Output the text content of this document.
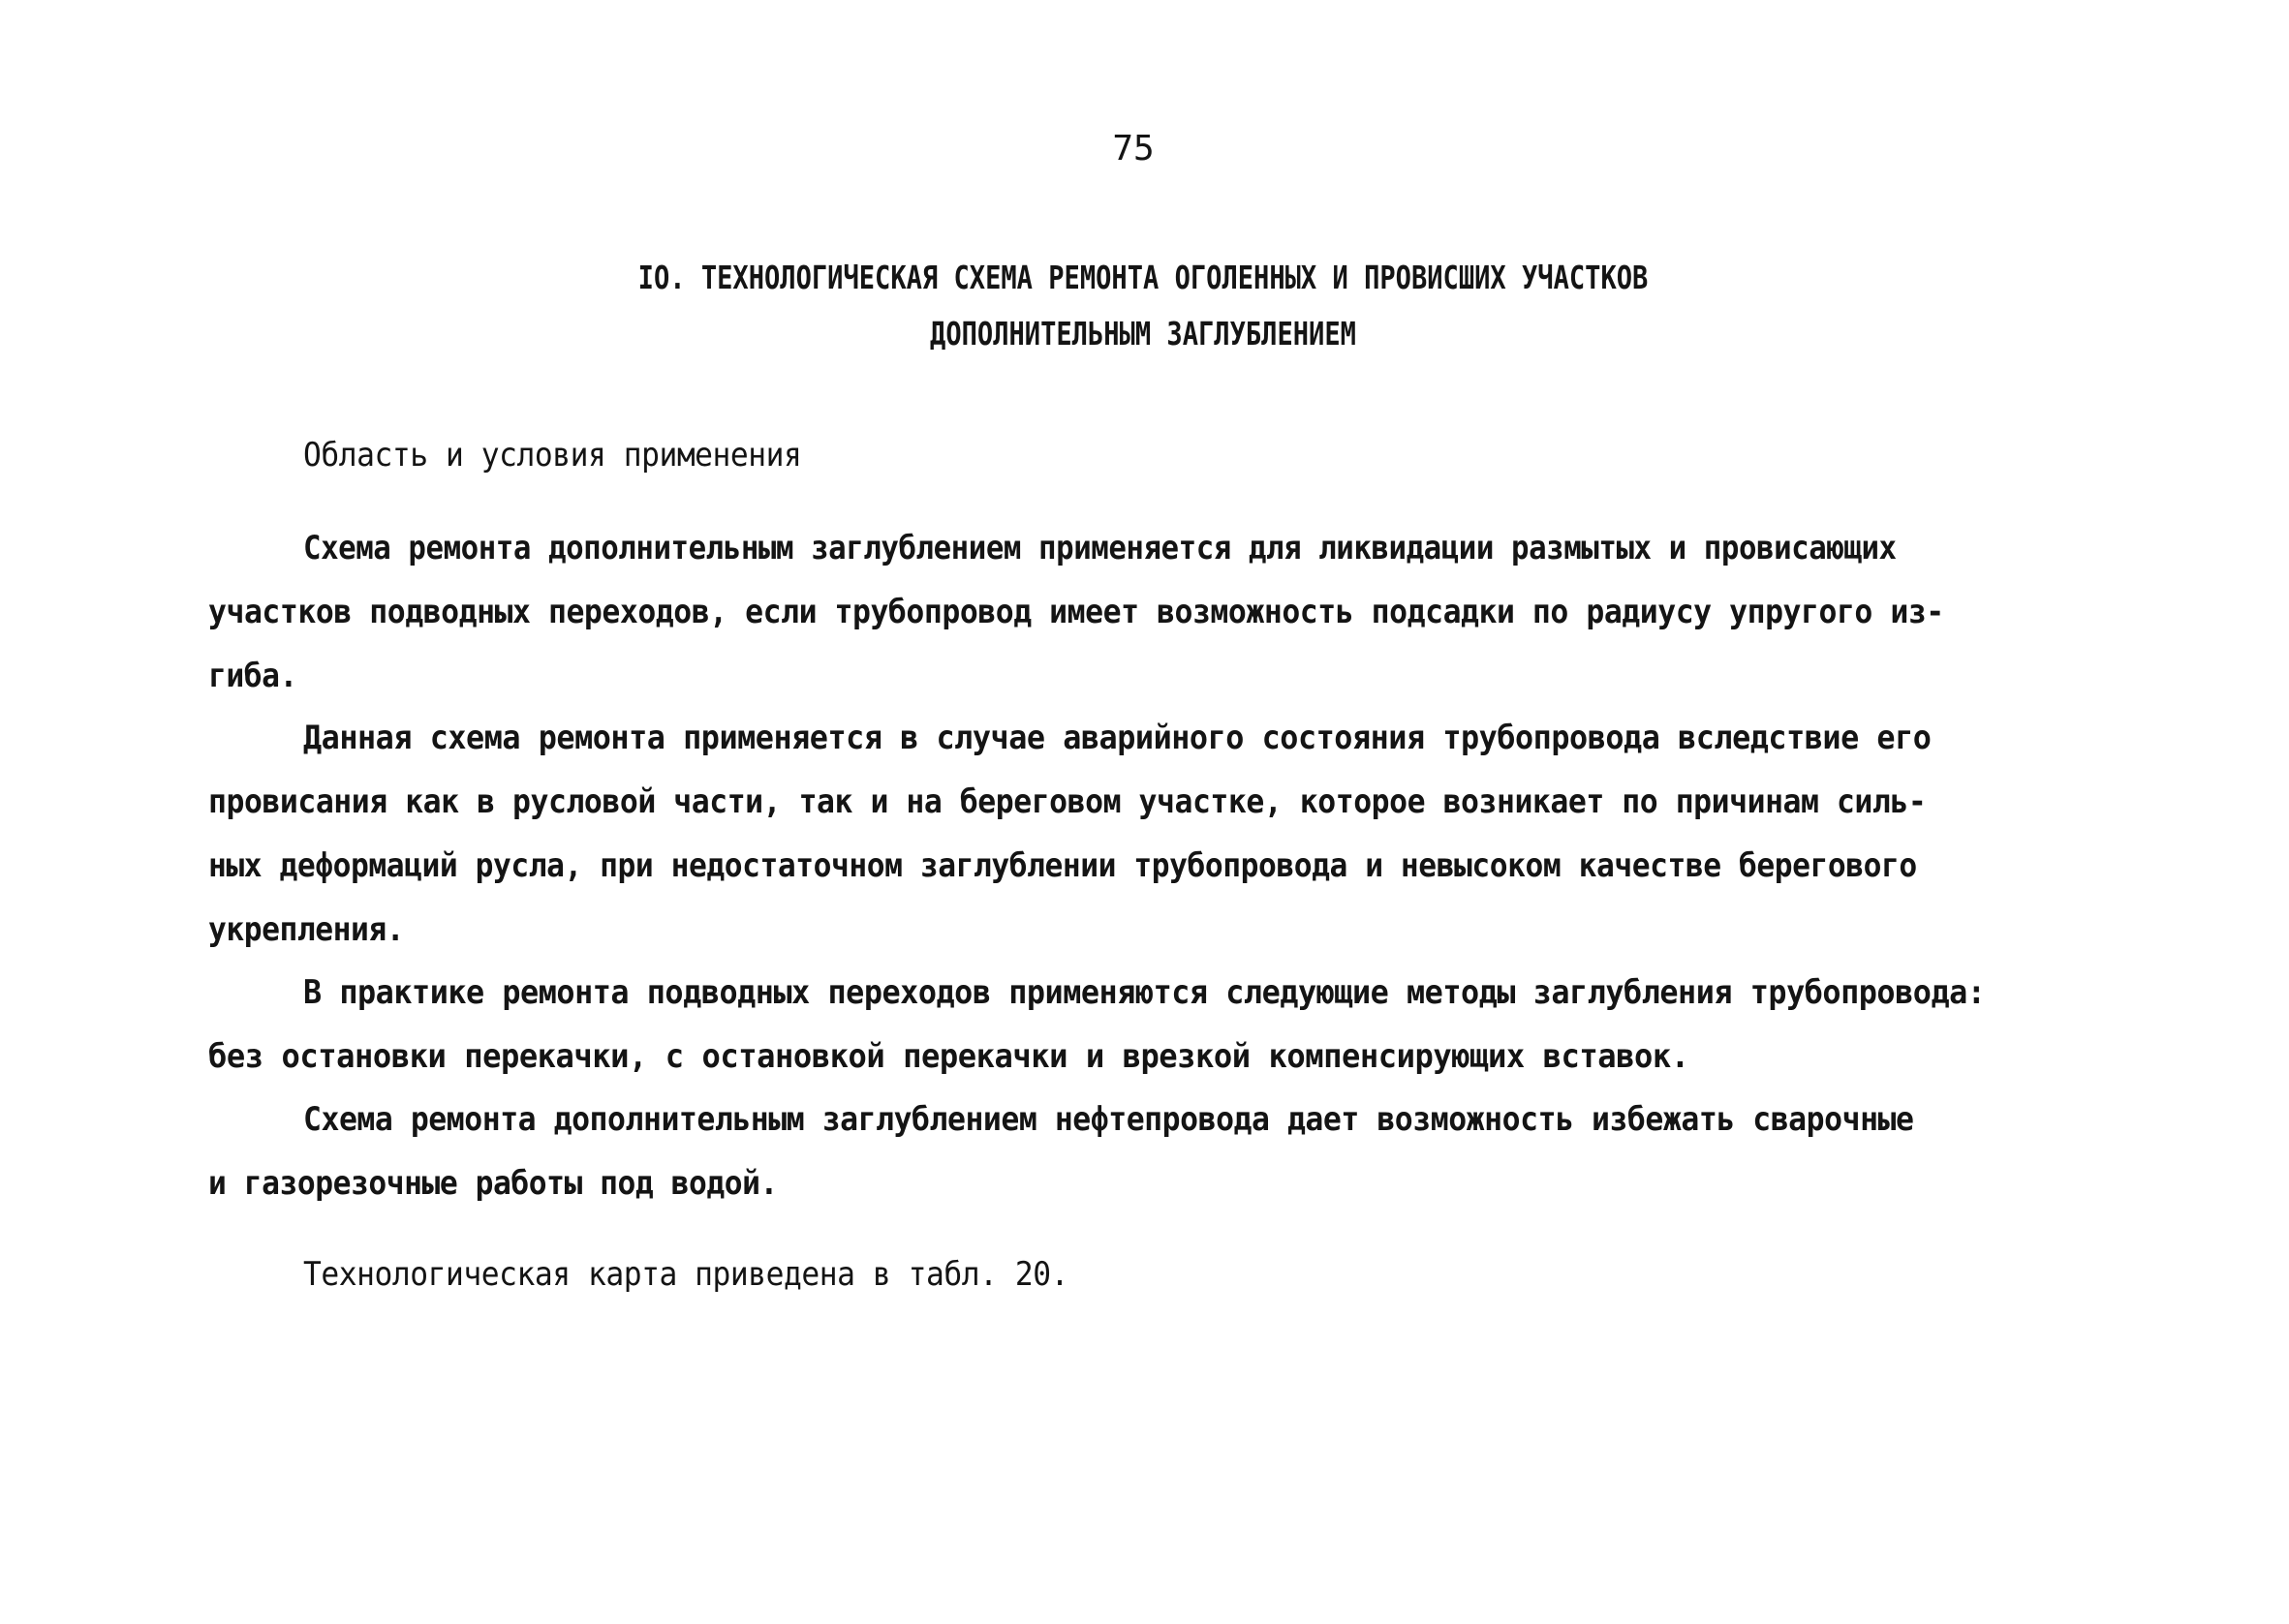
75
IO. ТЕХНОЛОГИЧЕСКАЯ СХЕМА РЕМОНТА ОГОЛЕННЫХ И ПРОВИСШИХ УЧАСТКОВ
ДОПОЛНИТЕЛЬНЫМ ЗАГЛУБЛЕНИЕМ
Область и условия применения
Схема ремонта дополнительным заглублением применяется для ликвидации размытых и провисающих
участков подводных переходов, если трубопровод имеет возможность подсадки по радиусу упругого из-
гиба.
Данная схема ремонта применяется в случае аварийного состояния трубопровода вследствие его
провисания как в русловой части, так и на береговом участке, которое возникает по причинам силь-
ных деформаций русла, при недостаточном заглублении трубопровода и невысоком качестве берегового
укрепления.
В практике ремонта подводных переходов применяются следующие методы заглубления трубопровода:
без остановки перекачки, с остановкой перекачки и врезкой компенсирующих вставок.
Схема ремонта дополнительным заглублением нефтепровода дает возможность избежать сварочные
и газорезочные работы под водой.
Технологическая карта приведена в табл. 20.
